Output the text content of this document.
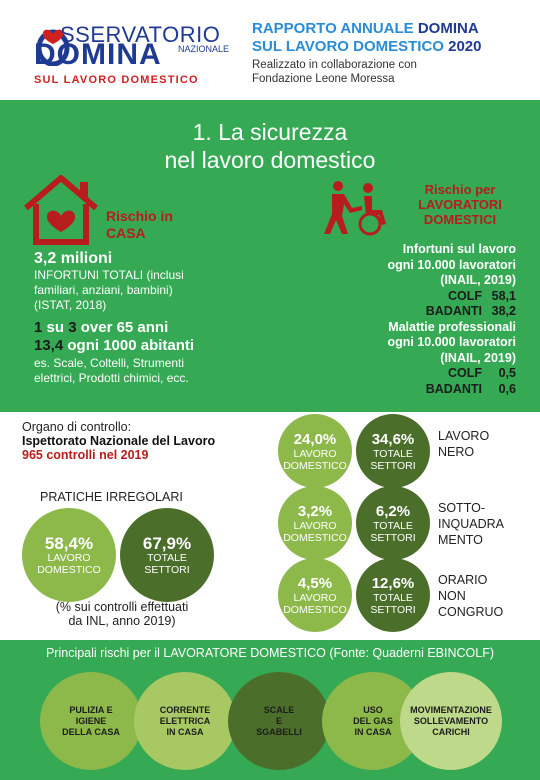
SSERVATORIO
NAZIONALE
DOMINA
SUL LAVORO DOMESTICO
RAPPORTO ANNUALE DOMINA
SUL LAVORO DOMESTICO 2020
Realizzato in collaborazione con
Fondazione Leone Moressa
1. La sicurezza
nel lavoro domestico
Rischio in
CASA
3,2 milioni
INFORTUNI TOTALI (inclusi
familiari, anziani, bambini)
(ISTAT, 2018)
1 su 3 over 65 anni
13,4 ogni 1000 abitanti
es. Scale, Coltelli, Strumenti
elettrici, Prodotti chimici, ecc.
Rischio per
LAVORATORI
DOMESTICI
Infortuni sul lavoro
ogni 10.000 lavoratori
(INAIL, 2019)
COLF 58,1
BADANTI 38,2
Malattie professionali
ogni 10.000 lavoratori
(INAIL, 2019)
COLF	0,5
BADANTI	0,6
Organo di controllo:
Ispettorato Nazionale del Lavoro
965 controlli nel 2019
PRATICHE IRREGOLARI
58,4%
LAVORO
DOMESTICO
67,9%
TOTALE
SETTORI
(% sui controlli effettuati
da INL, anno 2019)
24,0%
LAVORO
DOMESTICO
34,6%
TOTALE
SETTORI
LAVORO
NERO
3,2%
LAVORO
DOMESTICO
6,2%
TOTALE
SETTORI
SOTTO-
INQUADRA
MENTO
4,5%
LAVORO
DOMESTICO
12,6%
TOTALE
SETTORI
ORARIO
NON
CONGRUO
Principali rischi per il LAVORATORE DOMESTICO (Fonte: Quaderni EBINCOLF)
PULIZIA E
IGIENE
DELLA CASA
CORRENTE
ELETTRICA
IN CASA
SCALE
E
SGABELLI
USO
DEL GAS
IN CASA
MOVIMENTAZIONE
SOLLEVAMENTO
CARICHI
